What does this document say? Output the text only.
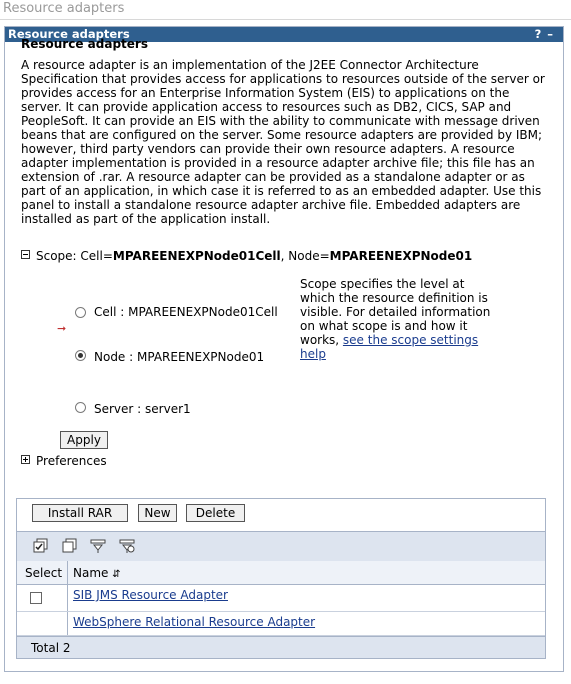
Resource adapters
Resource adapters	?–
Resource adapters
A resource adapter is an implementation of the J2EE Connector Architecture Specification that provides access for applications to resources outside of the server or provides access for an Enterprise Information System (EIS) to applications on the server. It can provide application access to resources such as DB2, CICS, SAP and PeopleSoft. It can provide an EIS with the ability to communicate with message driven beans that are configured on the server. Some resource adapters are provided by IBM; however, third party vendors can provide their own resource adapters. A resource adapter implementation is provided in a resource adapter archive file; this file has an extension of .rar. A resource adapter can be provided as a standalone adapter or as part of an application, in which case it is referred to as an embedded adapter. Use this panel to install a standalone resource adapter archive file. Embedded adapters are installed as part of the application install.
Scope: Cell=MPAREENEXPNode01Cell, Node=MPAREENEXPNode01
Cell : MPAREENEXPNode01Cell
➞
Node : MPAREENEXPNode01
Server : server1
Scope specifies the level at which the resource definition is visible. For detailed information on what scope is and how it works, see the scope settings help
Apply
Preferences
Install RAR	New	Delete
Select Name ⇵
SIB JMS Resource Adapter
WebSphere Relational Resource Adapter
Total 2
